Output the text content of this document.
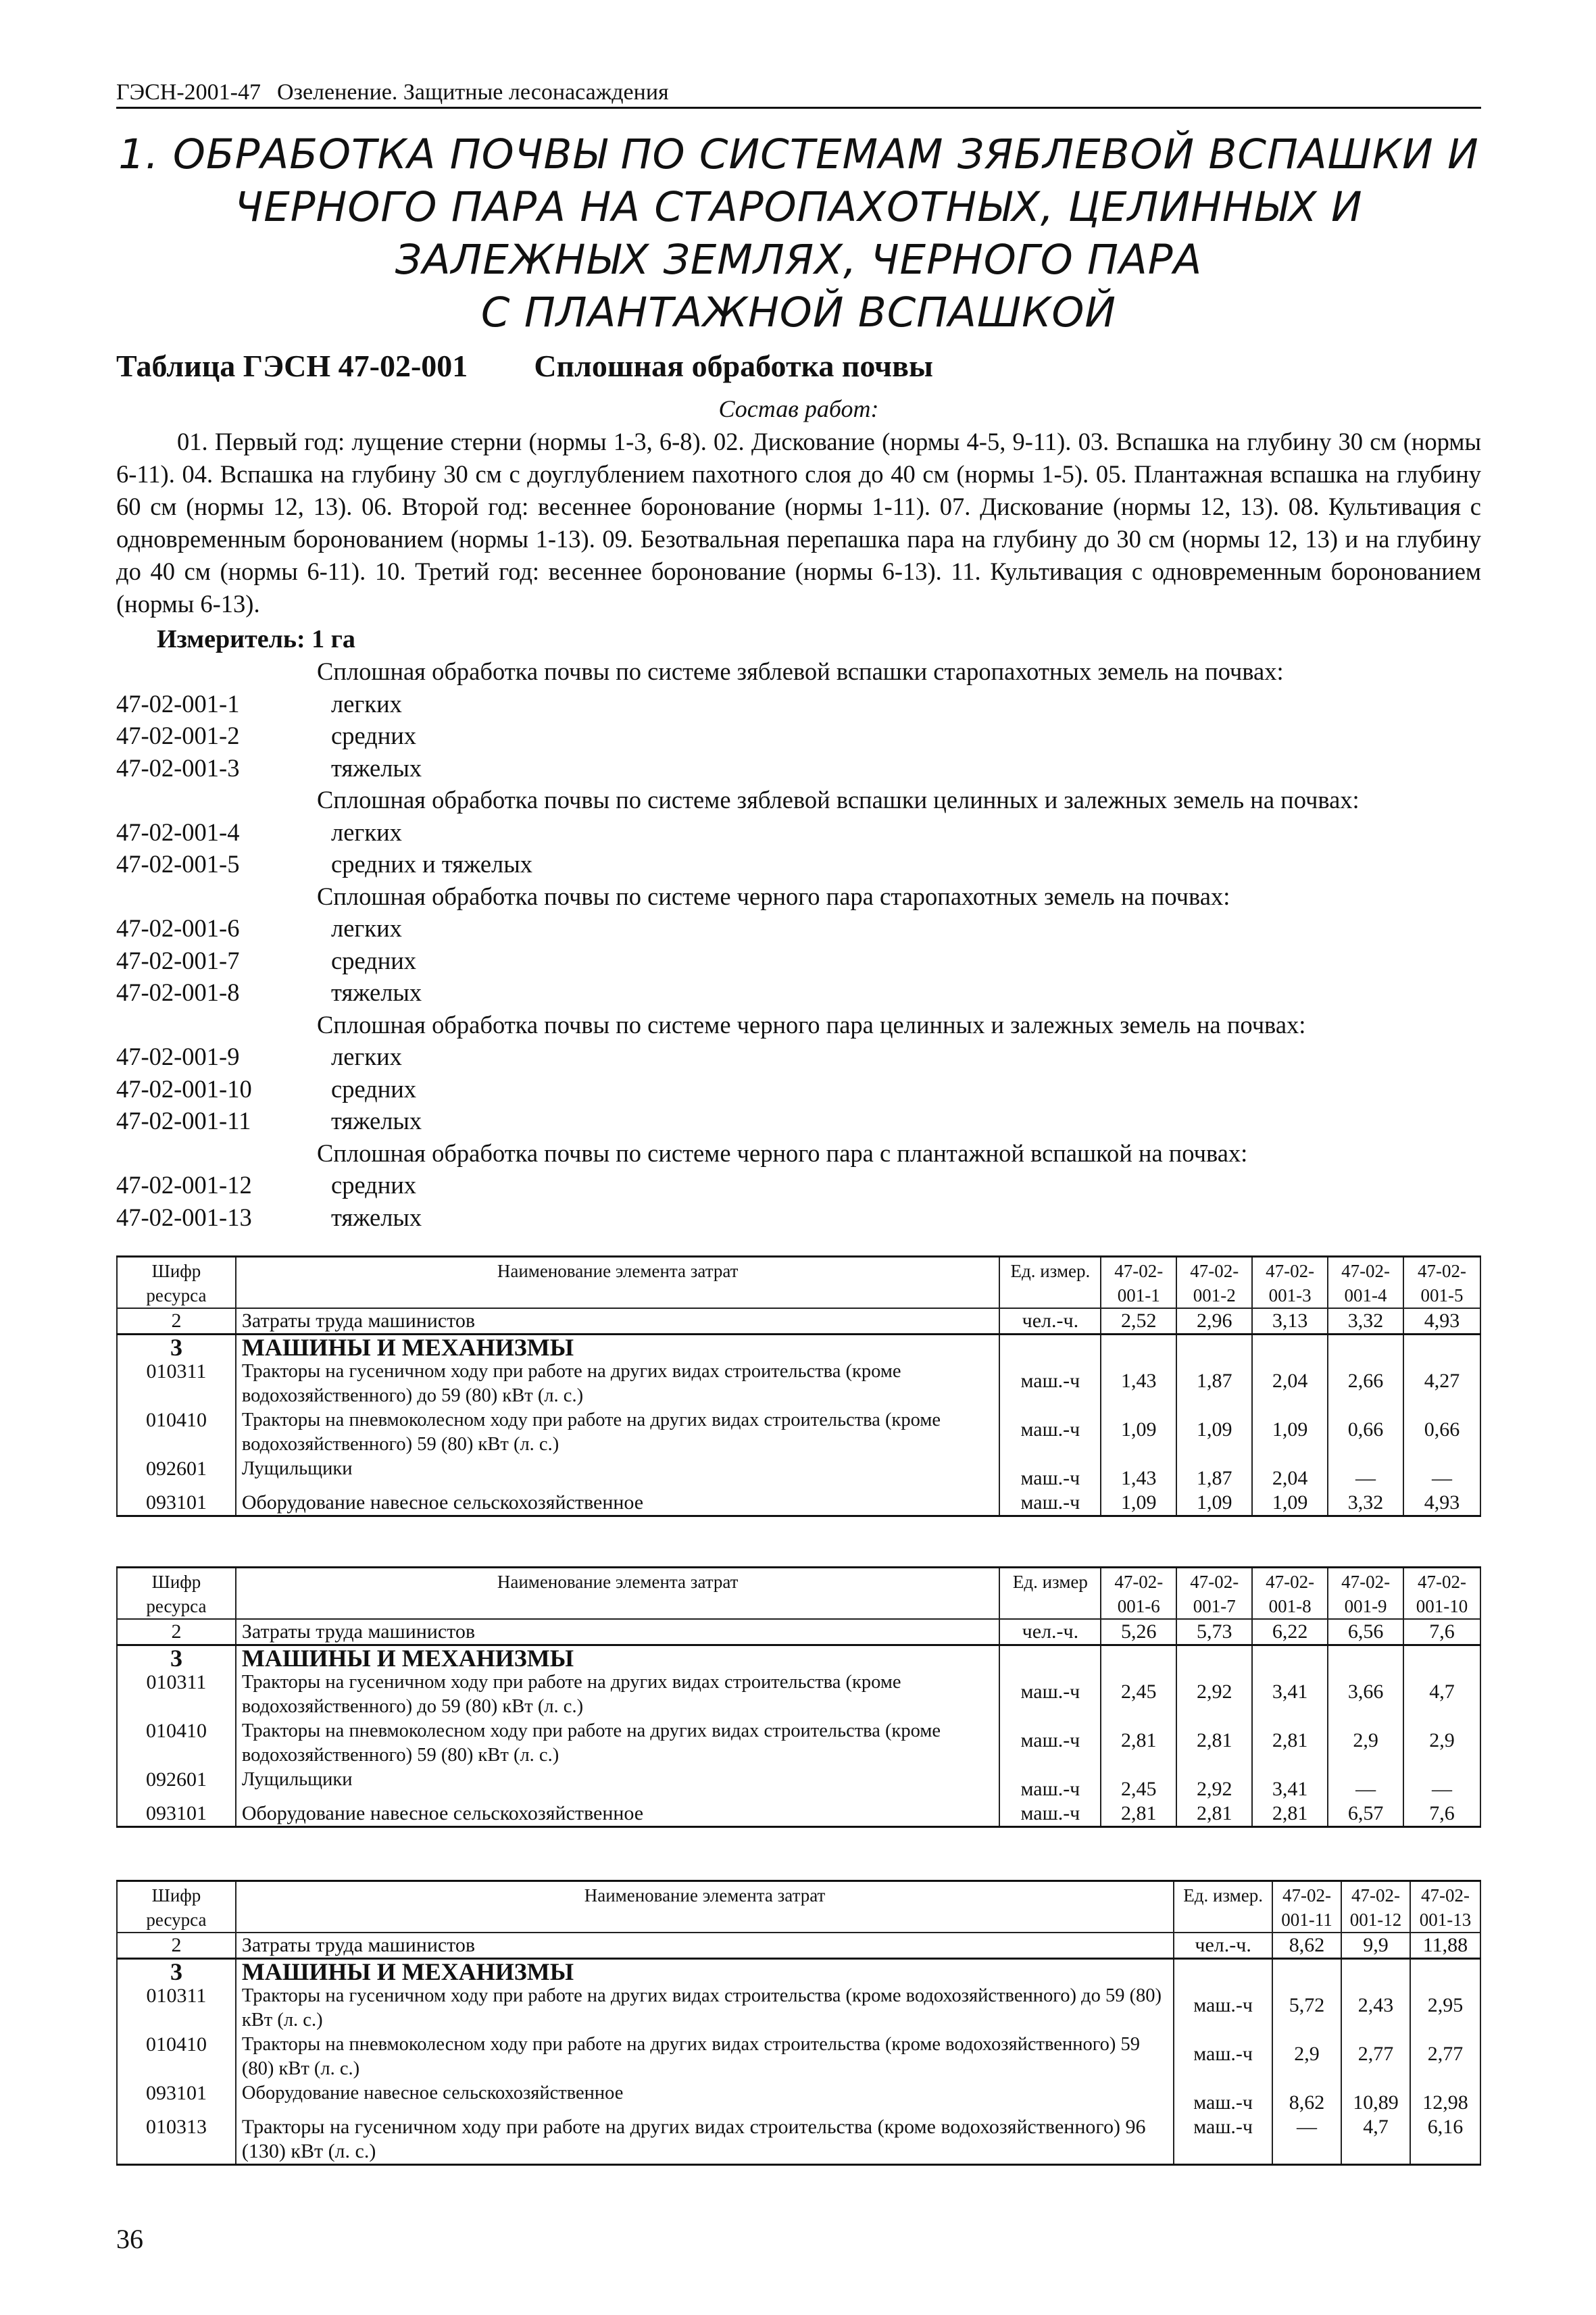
ГЭСН-2001-47 Озеленение. Защитные лесонасаждения
1. ОБРАБОТКА ПОЧВЫ ПО СИСТЕМАМ ЗЯБЛЕВОЙ ВСПАШКИ И
ЧЕРНОГО ПАРА НА СТАРОПАХОТНЫХ, ЦЕЛИННЫХ И
ЗАЛЕЖНЫХ ЗЕМЛЯХ, ЧЕРНОГО ПАРА
С ПЛАНТАЖНОЙ ВСПАШКОЙ
Таблица ГЭСН 47-02-001 Сплошная обработка почвы
Состав работ:
01. Первый год: лущение стерни (нормы 1-3, 6-8). 02. Дискование (нормы 4-5, 9-11). 03. Вспашка на глубину 30 см (нормы 6-11). 04. Вспашка на глубину 30 см с доуглублением пахотного слоя до 40 см (нормы 1-5). 05. Плантажная вспашка на глубину 60 см (нормы 12, 13). 06. Второй год: весеннее боронование (нормы 1-11). 07. Дискование (нормы 12, 13). 08. Культивация с одновременным боронованием (нормы 1-13). 09. Безотвальная перепашка пара на глубину до 30 см (нормы 12, 13) и на глубину до 40 см (нормы 6-11). 10. Третий год: весеннее боронование (нормы 6-13). 11. Культивация с одновременным боронованием (нормы 6-13).
Измеритель: 1 га
Сплошная обработка почвы по системе зяблевой вспашки старопахотных земель на почвах:
47-02-001-1	легких
47-02-001-2	средних
47-02-001-3	тяжелых
Сплошная обработка почвы по системе зяблевой вспашки целинных и залежных земель на почвах:
47-02-001-4	легких
47-02-001-5	средних и тяжелых
Сплошная обработка почвы по системе черного пара старопахотных земель на почвах:
47-02-001-6	легких
47-02-001-7	средних
47-02-001-8	тяжелых
Сплошная обработка почвы по системе черного пара целинных и залежных земель на почвах:
47-02-001-9	легких
47-02-001-10	средних
47-02-001-11	тяжелых
Сплошная обработка почвы по системе черного пара с плантажной вспашкой на почвах:
47-02-001-12	средних
47-02-001-13	тяжелых
Шифр ресурса	Наименование элемента затрат	Ед. измер.	47-02-001-1	47-02-001-2	47-02-001-3	47-02-001-4	47-02-001-5
2	Затраты труда машинистов	чел.-ч.	2,52	2,96	3,13	3,32	4,93
3	МАШИНЫ И МЕХАНИЗМЫ						
010311	Тракторы на гусеничном ходу при работе на других видах строительства (кроме водохозяйственного) до 59 (80) кВт (л. с.)	маш.-ч	1,43	1,87	2,04	2,66	4,27
010410	Тракторы на пневмоколесном ходу при работе на других видах строительства (кроме водохозяйственного) 59 (80) кВт (л. с.)	маш.-ч	1,09	1,09	1,09	0,66	0,66
092601	Лущильщики	маш.-ч	1,43	1,87	2,04	—	—
093101	Оборудование навесное сельскохозяйственное	маш.-ч	1,09	1,09	1,09	3,32	4,93
Шифр ресурса	Наименование элемента затрат	Ед. измер	47-02-001-6	47-02-001-7	47-02-001-8	47-02-001-9	47-02-001-10
2	Затраты труда машинистов	чел.-ч.	5,26	5,73	6,22	6,56	7,6
3	МАШИНЫ И МЕХАНИЗМЫ						
010311	Тракторы на гусеничном ходу при работе на других видах строительства (кроме водохозяйственного) до 59 (80) кВт (л. с.)	маш.-ч	2,45	2,92	3,41	3,66	4,7
010410	Тракторы на пневмоколесном ходу при работе на других видах строительства (кроме водохозяйственного) 59 (80) кВт (л. с.)	маш.-ч	2,81	2,81	2,81	2,9	2,9
092601	Лущильщики	маш.-ч	2,45	2,92	3,41	—	—
093101	Оборудование навесное сельскохозяйственное	маш.-ч	2,81	2,81	2,81	6,57	7,6
Шифр ресурса	Наименование элемента затрат	Ед. измер.	47-02-001-11	47-02-001-12	47-02-001-13
2	Затраты труда машинистов	чел.-ч.	8,62	9,9	11,88
3	МАШИНЫ И МЕХАНИЗМЫ				
010311	Тракторы на гусеничном ходу при работе на других видах строительства (кроме водохозяйственного) до 59 (80) кВт (л. с.)	маш.-ч	5,72	2,43	2,95
010410	Тракторы на пневмоколесном ходу при работе на других видах строительства (кроме водохозяйственного) 59 (80) кВт (л. с.)	маш.-ч	2,9	2,77	2,77
093101	Оборудование навесное сельскохозяйственное	маш.-ч	8,62	10,89	12,98
010313	Тракторы на гусеничном ходу при работе на других видах строительства (кроме водохозяйственного) 96 (130) кВт (л. с.)	маш.-ч	—	4,7	6,16
36
